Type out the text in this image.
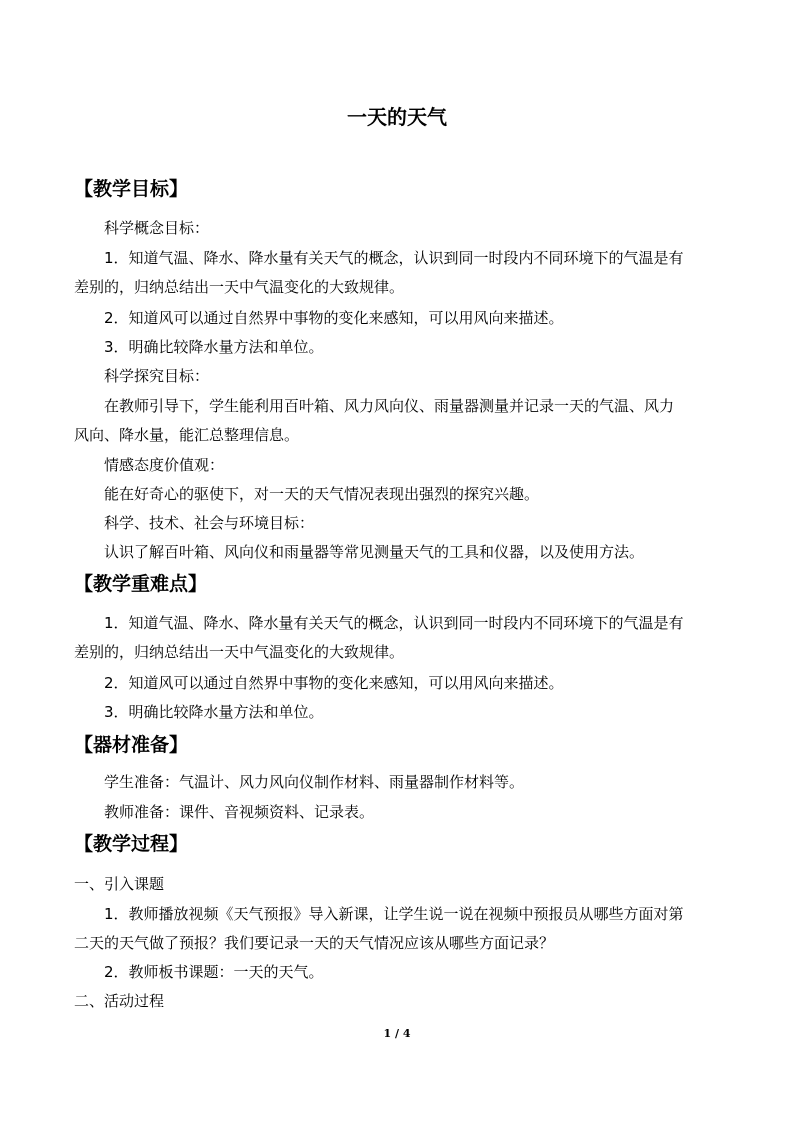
一天的天气
【教学目标】
科学概念目标：
1．知道气温、降水、降水量有关天气的概念，认识到同一时段内不同环境下的气温是有
差别的，归纳总结出一天中气温变化的大致规律。
2．知道风可以通过自然界中事物的变化来感知，可以用风向来描述。
3．明确比较降水量方法和单位。
科学探究目标：
在教师引导下，学生能利用百叶箱、风力风向仪、雨量器测量并记录一天的气温、风力
风向、降水量，能汇总整理信息。
情感态度价值观：
能在好奇心的驱使下，对一天的天气情况表现出强烈的探究兴趣。
科学、技术、社会与环境目标：
认识了解百叶箱、风向仪和雨量器等常见测量天气的工具和仪器，以及使用方法。
【教学重难点】
1．知道气温、降水、降水量有关天气的概念，认识到同一时段内不同环境下的气温是有
差别的，归纳总结出一天中气温变化的大致规律。
2．知道风可以通过自然界中事物的变化来感知，可以用风向来描述。
3．明确比较降水量方法和单位。
【器材准备】
学生准备：气温计、风力风向仪制作材料、雨量器制作材料等。
教师准备：课件、音视频资料、记录表。
【教学过程】
一、引入课题
1．教师播放视频《天气预报》导入新课，让学生说一说在视频中预报员从哪些方面对第
二天的天气做了预报？我们要记录一天的天气情况应该从哪些方面记录？
2．教师板书课题：一天的天气。
二、活动过程
1 / 4
